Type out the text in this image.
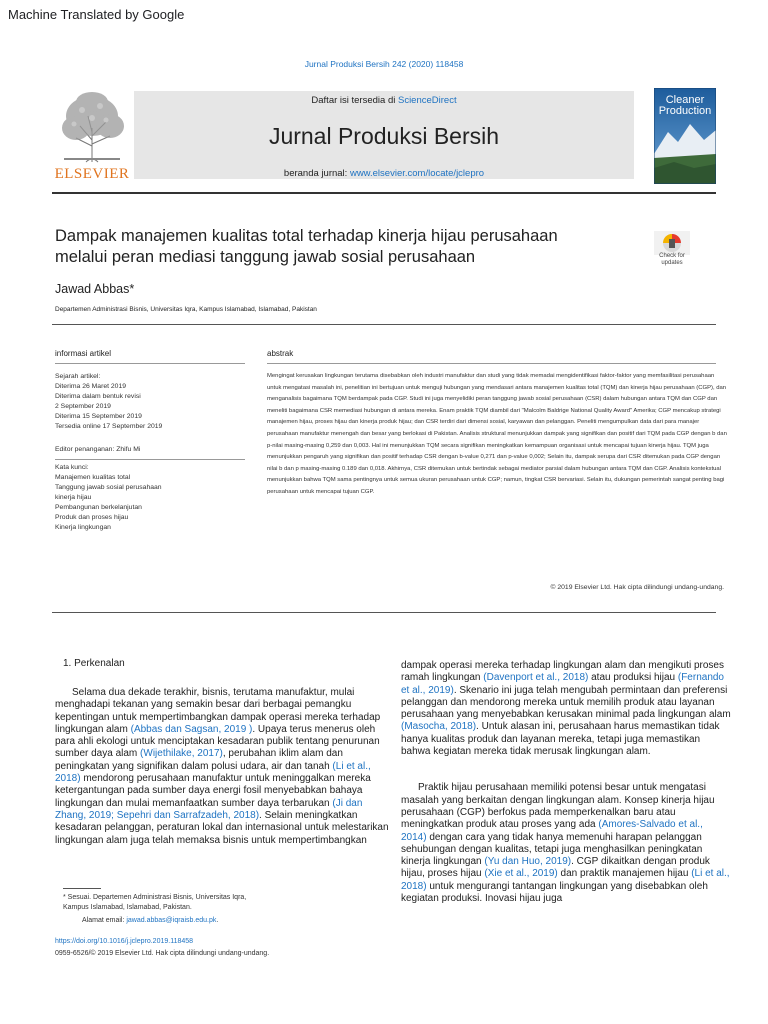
Machine Translated by Google
Jurnal Produksi Bersih 242 (2020) 118458
ELSEVIER
Daftar isi tersedia di ScienceDirect
Jurnal Produksi Bersih
beranda jurnal: www.elsevier.com/locate/jclepro
Cleaner
Production
Dampak manajemen kualitas total terhadap kinerja hijau perusahaan
melalui peran mediasi tanggung jawab sosial perusahaan	Check for
updates
Jawad Abbas*
Departemen Administrasi Bisnis, Universitas Iqra, Kampus Islamabad, Islamabad, Pakistan
informasi artikel	abstrak
Sejarah artikel:
Diterima 26 Maret 2019
Diterima dalam bentuk revisi
2 September 2019
Diterima 15 September 2019
Tersedia online 17 September 2019
Editor penanganan: Zhifu Mi
Kata kunci:
Manajemen kualitas total
Tanggung jawab sosial perusahaan
kinerja hijau
Pembangunan berkelanjutan
Produk dan proses hijau
Kinerja lingkungan
Mengingat kerusakan lingkungan terutama disebabkan oleh industri manufaktur dan studi yang tidak memadai mengidentifikasi faktor-faktor yang memfasilitasi perusahaan untuk mengatasi masalah ini, penelitian ini bertujuan untuk menguji hubungan yang mendasari antara manajemen kualitas total (TQM) dan kinerja hijau perusahaan (CGP), dan menganalisis bagaimana TQM berdampak pada CGP. Studi ini juga menyelidiki peran tanggung jawab sosial perusahaan (CSR) dalam hubungan antara TQM dan CGP dan meneliti bagaimana CSR memediasi hubungan di antara mereka. Enam praktik TQM diambil dari "Malcolm Baldrige National Quality Award" Amerika; CGP mencakup strategi manajemen hijau, proses hijau dan kinerja produk hijau; dan CSR terdiri dari dimensi sosial, karyawan dan pelanggan. Peneliti mengumpulkan data dari para manajer perusahaan manufaktur menengah dan besar yang berlokasi di Pakistan. Analisis struktural menunjukkan dampak yang signifikan dan positif dari TQM pada CGP dengan b dan p-nilai masing-masing 0,259 dan 0,003. Hal ini menunjukkan TQM secara signifikan meningkatkan kemampuan organisasi untuk mencapai tujuan kinerja hijau. TQM juga menunjukkan pengaruh yang signifikan dan positif terhadap CSR dengan b-value 0,271 dan p-value 0,002; Selain itu, dampak serupa dari CSR ditemukan pada CGP dengan nilai b dan p masing-masing 0.189 dan 0,018. Akhirnya, CSR ditemukan untuk bertindak sebagai mediator parsial dalam hubungan antara TQM dan CGP. Analisis kontekstual menunjukkan bahwa TQM sama pentingnya untuk semua ukuran perusahaan untuk CGP; namun, tingkat CSR bervariasi. Selain itu, dukungan pemerintah sangat penting bagi perusahaan untuk mencapai tujuan CGP.
© 2019 Elsevier Ltd. Hak cipta dilindungi undang-undang.
1. Perkenalan

Selama dua dekade terakhir, bisnis, terutama manufaktur, mulai menghadapi tekanan yang semakin besar dari berbagai pemangku kepentingan untuk mempertimbangkan dampak operasi mereka terhadap lingkungan alam (Abbas dan Sagsan, 2019 ). Upaya terus menerus oleh para ahli ekologi untuk menciptakan kesadaran publik tentang penurunan sumber daya alam (Wijethilake, 2017), perubahan iklim alam dan peningkatan yang signifikan dalam polusi udara, air dan tanah (Li et al., 2018) mendorong perusahaan manufaktur untuk meninggalkan mereka ketergantungan pada sumber daya energi fosil menyebabkan bahaya lingkungan dan mulai memanfaatkan sumber daya terbarukan (Ji dan Zhang, 2019; Sepehri dan Sarrafzadeh, 2018). Selain meningkatkan kesadaran pelanggan, peraturan lokal dan internasional untuk melestarikan lingkungan alam juga telah memaksa bisnis untuk mempertimbangkan

dampak operasi mereka terhadap lingkungan alam dan mengikuti proses ramah lingkungan (Davenport et al., 2018) atau produksi hijau (Fernando et al., 2019). Skenario ini juga telah mengubah permintaan dan preferensi pelanggan dan mendorong mereka untuk memilih produk atau layanan perusahaan yang menyebabkan kerusakan minimal pada lingkungan alam (Masocha, 2018). Untuk alasan ini, perusahaan harus memastikan tidak hanya kualitas produk dan layanan mereka, tetapi juga memastikan bahwa kegiatan mereka tidak merusak lingkungan alam.

Praktik hijau perusahaan memiliki potensi besar untuk mengatasi masalah yang berkaitan dengan lingkungan alam. Konsep kinerja hijau perusahaan (CGP) berfokus pada memperkenalkan baru atau meningkatkan produk atau proses yang ada (Amores-Salvado et al., 2014) dengan cara yang tidak hanya memenuhi harapan pelanggan sehubungan dengan kualitas, tetapi juga menghasilkan peningkatan kinerja lingkungan (Yu dan Huo, 2019). CGP dikaitkan dengan produk hijau, proses hijau (Xie et al., 2019) dan praktik manajemen hijau (Li et al., 2018) untuk mengurangi tantangan lingkungan yang disebabkan oleh kegiatan produksi. Inovasi hijau juga

* Sesuai. Departemen Administrasi Bisnis, Universitas Iqra,
Kampus Islamabad, Islamabad, Pakistan.
Alamat email: jawad.abbas@iqraisb.edu.pk.
https://doi.org/10.1016/j.jclepro.2019.118458
0959-6526/© 2019 Elsevier Ltd. Hak cipta dilindungi undang-undang.
